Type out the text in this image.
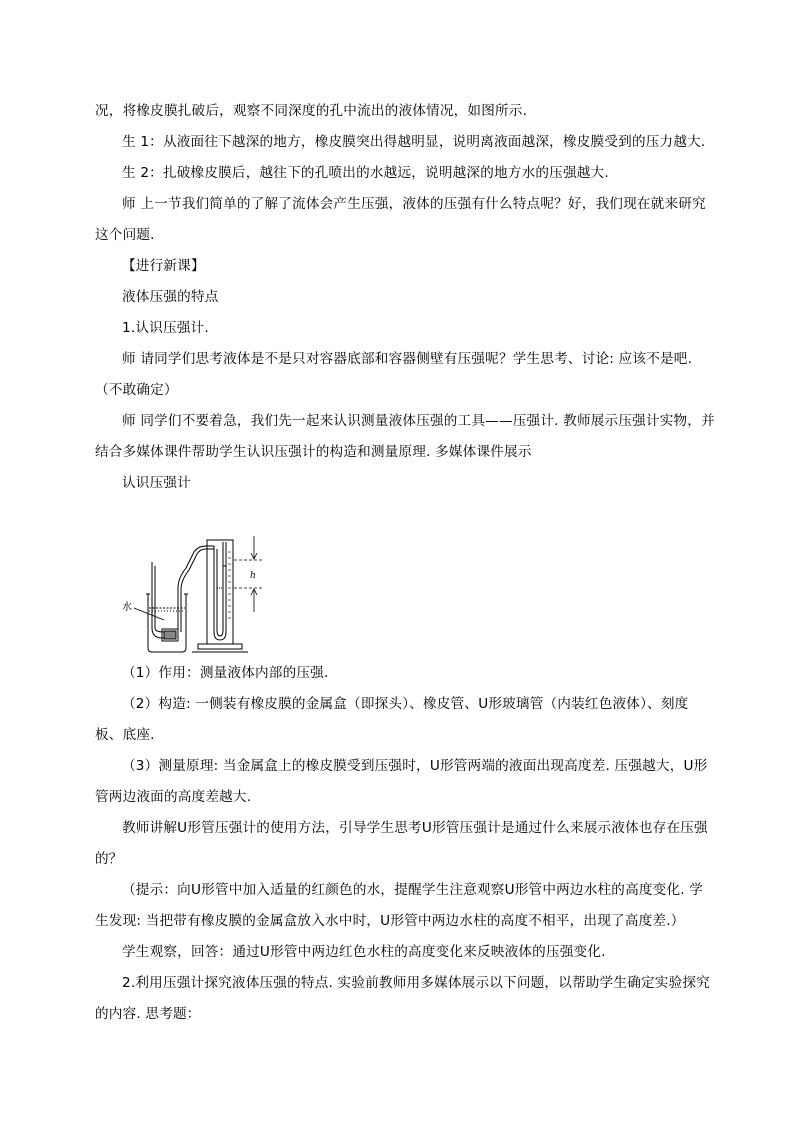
况，将橡皮膜扎破后，观察不同深度的孔中流出的液体情况，如图所示.

生 1：从液面往下越深的地方，橡皮膜突出得越明显，说明离液面越深，橡皮膜受到的压力越大.

生 2：扎破橡皮膜后，越往下的孔喷出的水越远，说明越深的地方水的压强越大.

师 上一节我们简单的了解了流体会产生压强，液体的压强有什么特点呢？好，我们现在就来研究这个问题.

【进行新课】

液体压强的特点

1.认识压强计.

师 请同学们思考液体是不是只对容器底部和容器侧壁有压强呢？学生思考、讨论: 应该不是吧.（不敢确定）

师 同学们不要着急，我们先一起来认识测量液体压强的工具——压强计. 教师展示压强计实物，并结合多媒体课件帮助学生认识压强计的构造和测量原理. 多媒体课件展示

认识压强计

水
h

（1）作用：测量液体内部的压强.

（2）构造: 一侧装有橡皮膜的金属盒（即探头）、橡皮管、U形玻璃管（内装红色液体）、刻度板、底座.

（3）测量原理: 当金属盒上的橡皮膜受到压强时，U形管两端的液面出现高度差. 压强越大，U形管两边液面的高度差越大.

教师讲解U形管压强计的使用方法，引导学生思考U形管压强计是通过什么来展示液体也存在压强的？

（提示：向U形管中加入适量的红颜色的水，提醒学生注意观察U形管中两边水柱的高度变化. 学生发现: 当把带有橡皮膜的金属盒放入水中时，U形管中两边水柱的高度不相平，出现了高度差.）

学生观察，回答：通过U形管中两边红色水柱的高度变化来反映液体的压强变化.

2.利用压强计探究液体压强的特点. 实验前教师用多媒体展示以下问题，以帮助学生确定实验探究的内容. 思考题：
